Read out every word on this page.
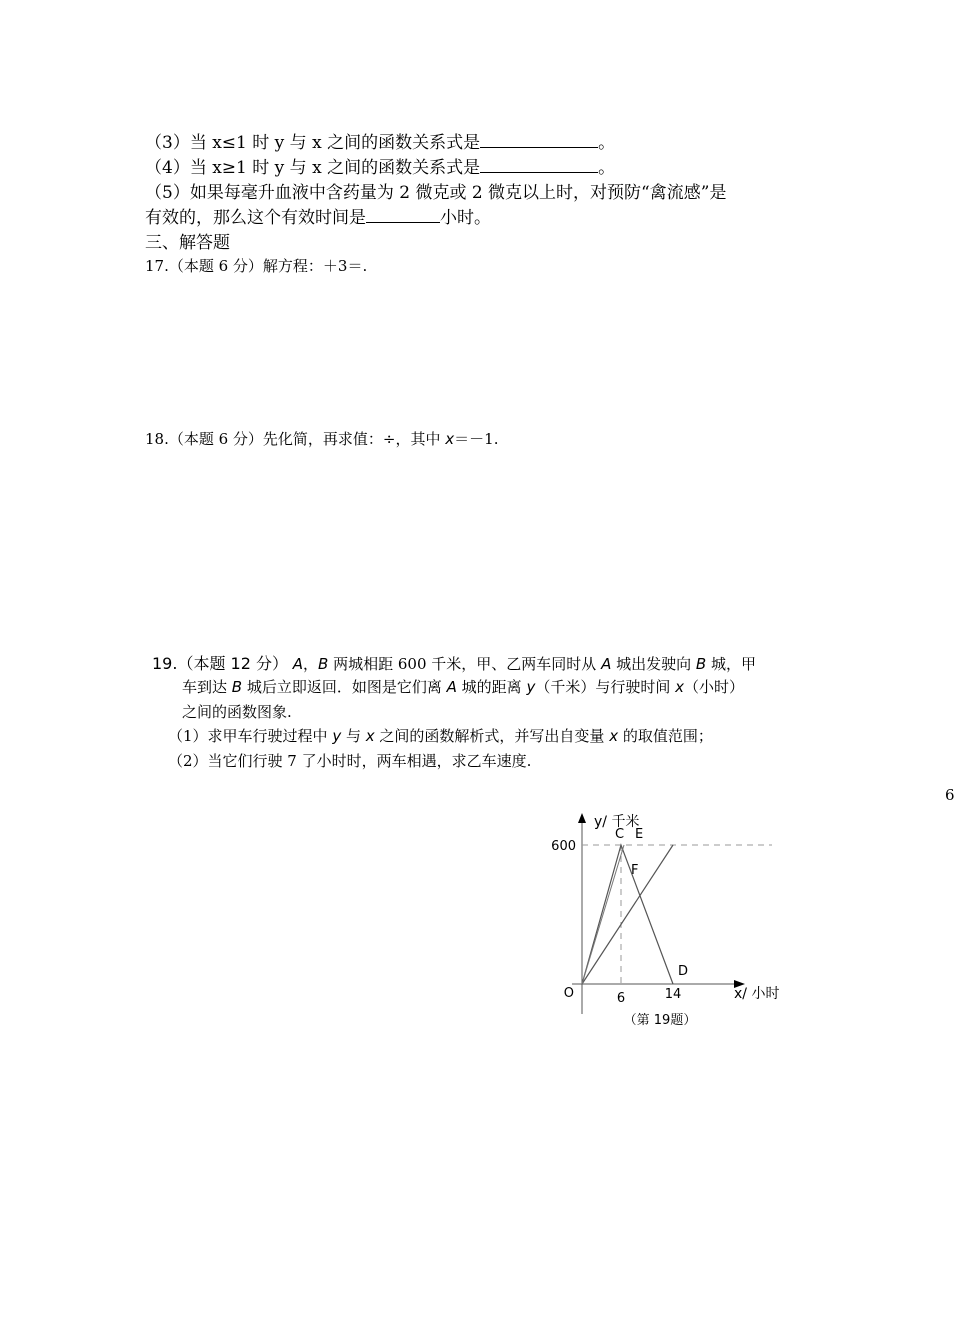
（3）当 x≤1 时 y 与 x 之间的函数关系式是	。
（4）当 x≥1 时 y 与 x 之间的函数关系式是	。
（5）如果每毫升血液中含药量为 2 微克或 2 微克以上时，对预防“禽流感”是
有效的，那么这个有效时间是	小时。
三、解答题
17.（本题 6 分）解方程：＋3＝.
18.（本题 6 分）先化简，再求值：÷，其中 x＝－1.
19.（本题 12 分） A，B 两城相距 600 千米，甲、乙两车同时从 A 城出发驶向 B 城，甲
车到达 B 城后立即返回．如图是它们离 A 城的距离 y（千米）与行驶时间 x（小时）
之间的函数图象.
（1）求甲车行驶过程中 y 与 x 之间的函数解析式，并写出自变量 x 的取值范围；
（2）当它们行驶 7 了小时时，两车相遇，求乙车速度.
6
y/ 千米
600
O	6	14	x/ 小时
C E
F
D
（第 19题）
